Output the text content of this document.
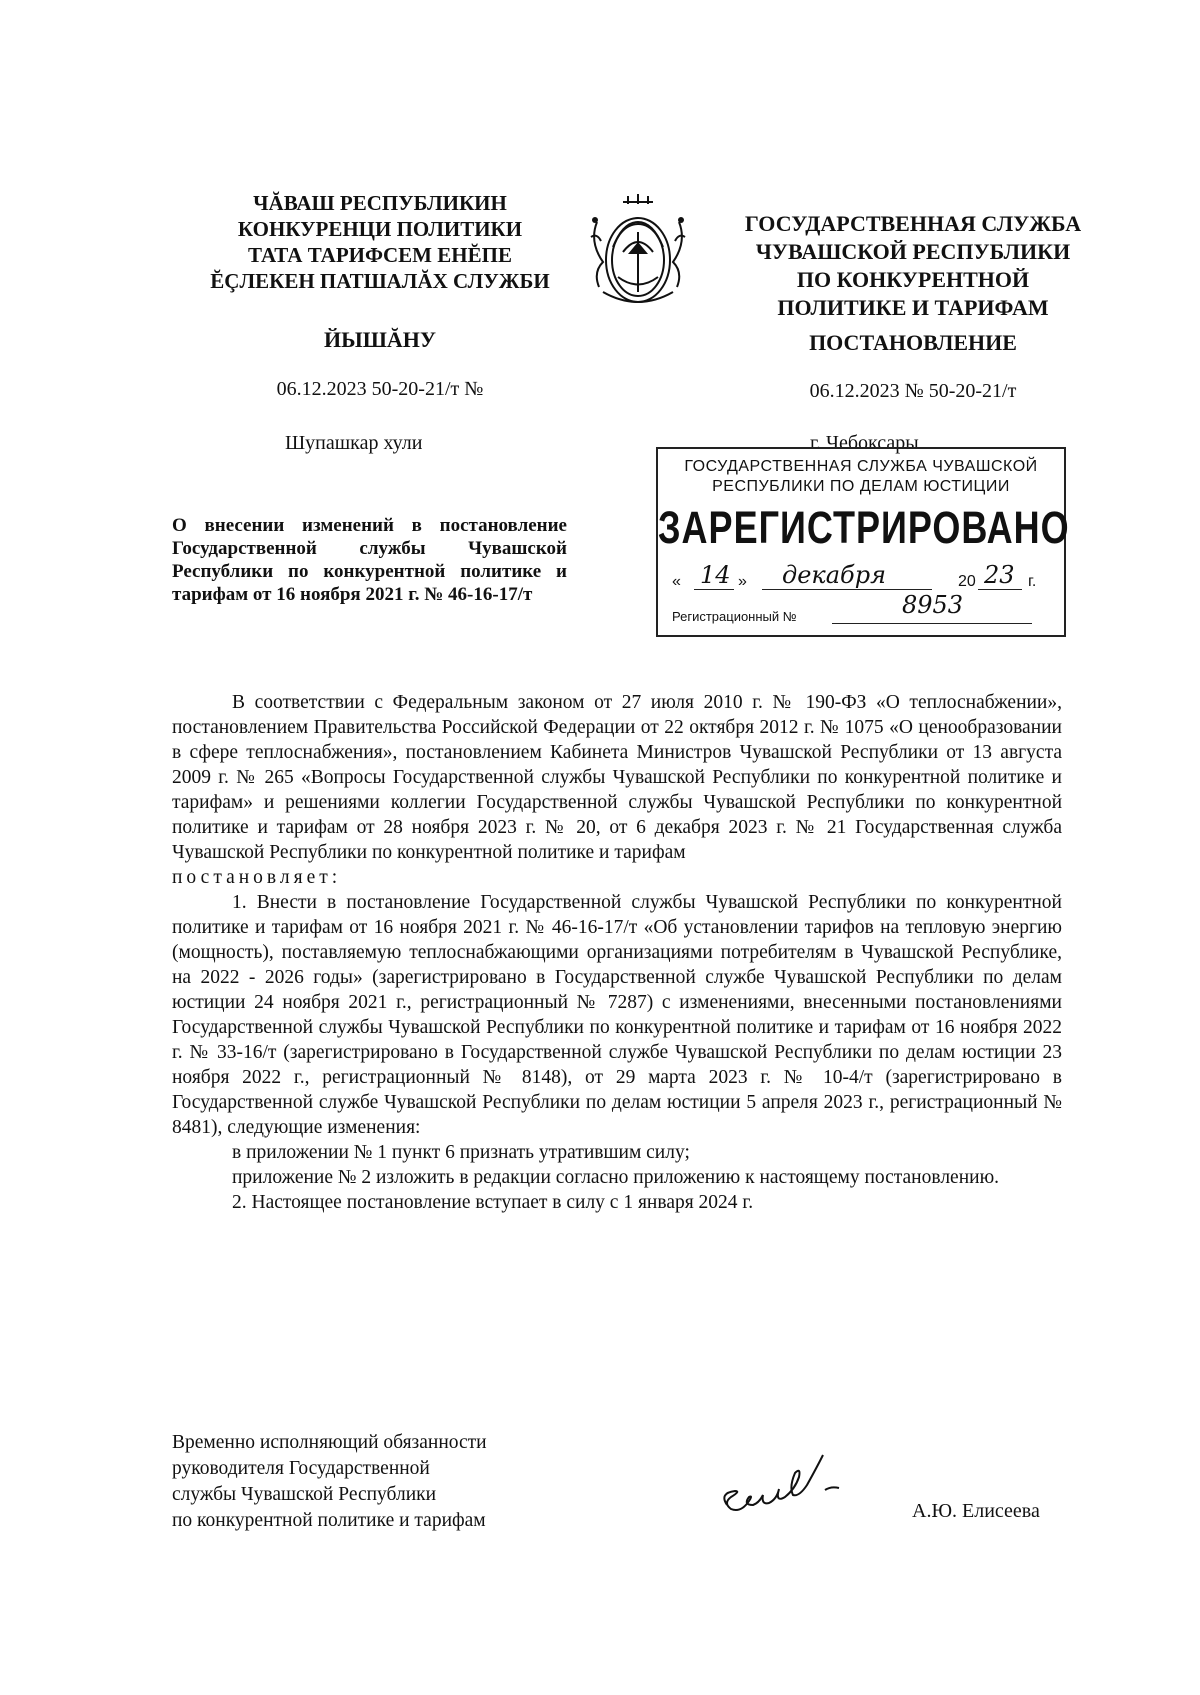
ЧĂВАШ РЕСПУБЛИКИН
КОНКУРЕНЦИ ПОЛИТИКИ
ТАТА ТАРИФСЕМ ЕНĔПЕ
ĔÇЛЕКЕН ПАТШАЛĂХ СЛУЖБИ
ГОСУДАРСТВЕННАЯ СЛУЖБА
ЧУВАШСКОЙ РЕСПУБЛИКИ
ПО КОНКУРЕНТНОЙ
ПОЛИТИКЕ И ТАРИФАМ
ЙЫШĂНУ	ПОСТАНОВЛЕНИЕ
06.12.2023 50-20-21/т №	06.12.2023 № 50-20-21/т
Шупашкар хули	г. Чебоксары
ГОСУДАРСТВЕННАЯ СЛУЖБА ЧУВАШСКОЙ
РЕСПУБЛИКИ ПО ДЕЛАМ ЮСТИЦИИ
ЗАРЕГИСТРИРОВАНО
« 14 » декабря	20 23 г.
Регистрационный №	8953
О внесении изменений в постановление Государственной службы Чувашской Республики по конкурентной политике и тарифам от 16 ноября 2021 г. № 46-16-17/т

В соответствии с Федеральным законом от 27 июля 2010 г. № 190-ФЗ «О теплоснабжении», постановлением Правительства Российской Федерации от 22 октября 2012 г. № 1075 «О ценообразовании в сфере теплоснабжения», постановлением Кабинета Министров Чувашской Республики от 13 августа 2009 г. № 265 «Вопросы Государственной службы Чувашской Республики по конкурентной политике и тарифам» и решениями коллегии Государственной службы Чувашской Республики по конкурентной политике и тарифам от 28 ноября 2023 г. № 20, от 6 декабря 2023 г. № 21 Государственная служба Чувашской Республики по конкурентной политике и тарифам

постановляет:

1. Внести в постановление Государственной службы Чувашской Республики по конкурентной политике и тарифам от 16 ноября 2021 г. № 46-16-17/т «Об установлении тарифов на тепловую энергию (мощность), поставляемую теплоснабжающими организациями потребителям в Чувашской Республике, на 2022 - 2026 годы» (зарегистрировано в Государственной службе Чувашской Республики по делам юстиции 24 ноября 2021 г., регистрационный № 7287) с изменениями, внесенными постановлениями Государственной службы Чувашской Республики по конкурентной политике и тарифам от 16 ноября 2022 г. № 33-16/т (зарегистрировано в Государственной службе Чувашской Республики по делам юстиции 23 ноября 2022 г., регистрационный № 8148), от 29 марта 2023 г. № 10-4/т (зарегистрировано в Государственной службе Чувашской Республики по делам юстиции 5 апреля 2023 г., регистрационный № 8481), следующие изменения:

в приложении № 1 пункт 6 признать утратившим силу;

приложение № 2 изложить в редакции согласно приложению к настоящему постановлению.

2. Настоящее постановление вступает в силу с 1 января 2024 г.

Временно исполняющий обязанности
руководителя Государственной
службы Чувашской Республики
по конкурентной политике и тарифам	А.Ю. Елисеева
